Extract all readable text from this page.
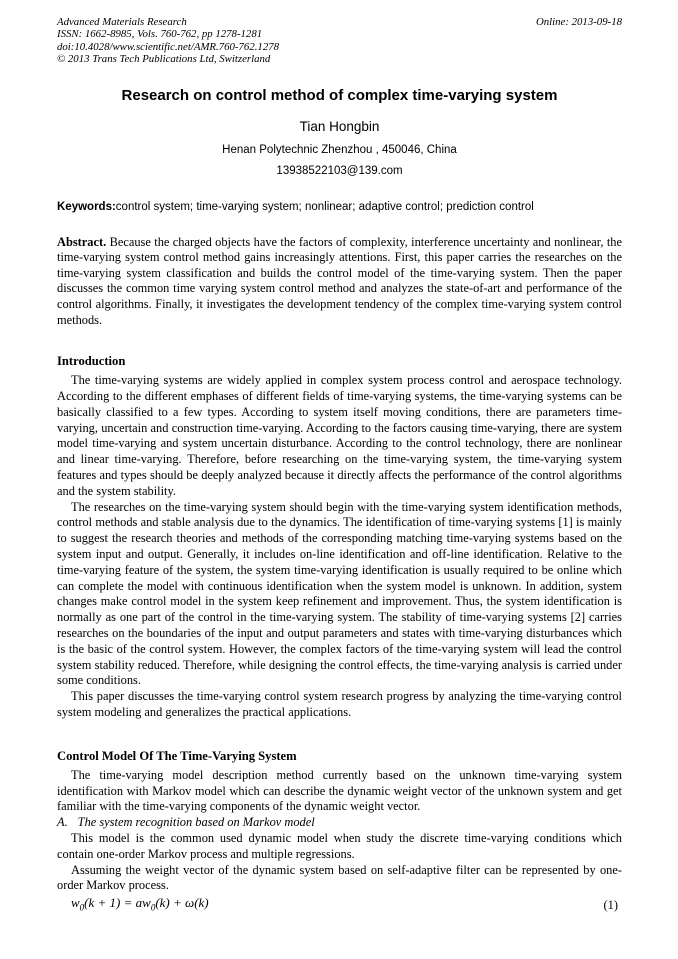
Advanced Materials Research
ISSN: 1662-8985, Vols. 760-762, pp 1278-1281
doi:10.4028/www.scientific.net/AMR.760-762.1278
© 2013 Trans Tech Publications Ltd, Switzerland
Online: 2013-09-18
Research on control method of complex time-varying system
Tian Hongbin
Henan Polytechnic Zhenzhou , 450046, China
13938522103@139.com
Keywords:control system; time-varying system; nonlinear; adaptive control; prediction control
Abstract. Because the charged objects have the factors of complexity, interference uncertainty and nonlinear, the time-varying system control method gains increasingly attentions. First, this paper carries the researches on the time-varying system classification and builds the control model of the time-varying system. Then the paper discusses the common time varying system control method and analyzes the state-of-art and performance of the control algorithms. Finally, it investigates the development tendency of the complex time-varying system control methods.
Introduction

The time-varying systems are widely applied in complex system process control and aerospace technology. According to the different emphases of different fields of time-varying systems, the time-varying systems can be basically classified to a few types. According to system itself moving conditions, there are parameters time-varying, uncertain and construction time-varying. According to the factors causing time-varying, there are system model time-varying and system uncertain disturbance. According to the control technology, there are nonlinear and linear time-varying. Therefore, before researching on the time-varying system, the time-varying system features and types should be deeply analyzed because it directly affects the performance of the control algorithms and the system stability.

The researches on the time-varying system should begin with the time-varying system identification methods, control methods and stable analysis due to the dynamics. The identification of time-varying systems [1] is mainly to suggest the research theories and methods of the corresponding matching time-varying systems based on the system input and output. Generally, it includes on-line identification and off-line identification. Relative to the time-varying feature of the system, the system time-varying identification is usually required to be online which can complete the model with continuous identification when the system model is unknown. In addition, system changes make control model in the system keep refinement and improvement. Thus, the system identification is normally as one part of the control in the time-varying system. The stability of time-varying systems [2] carries researches on the boundaries of the input and output parameters and states with time-varying disturbances which is the basic of the control system. However, the complex factors of the time-varying system will lead the control system stability reduced. Therefore, while designing the control effects, the time-varying analysis is carried under some conditions.

This paper discusses the time-varying control system research progress by analyzing the time-varying control system modeling and generalizes the practical applications.

Control Model Of The Time-Varying System

The time-varying model description method currently based on the unknown time-varying system identification with Markov model which can describe the dynamic weight vector of the unknown system and get familiar with the time-varying components of the dynamic weight vector.

A. The system recognition based on Markov model

This model is the common used dynamic model when study the discrete time-varying conditions which contain one-order Markov process and multiple regressions.

Assuming the weight vector of the dynamic system based on self-adaptive filter can be represented by one-order Markov process.

$w_0(k + 1) = aw_0(k) + \omega(k)$	(1)
